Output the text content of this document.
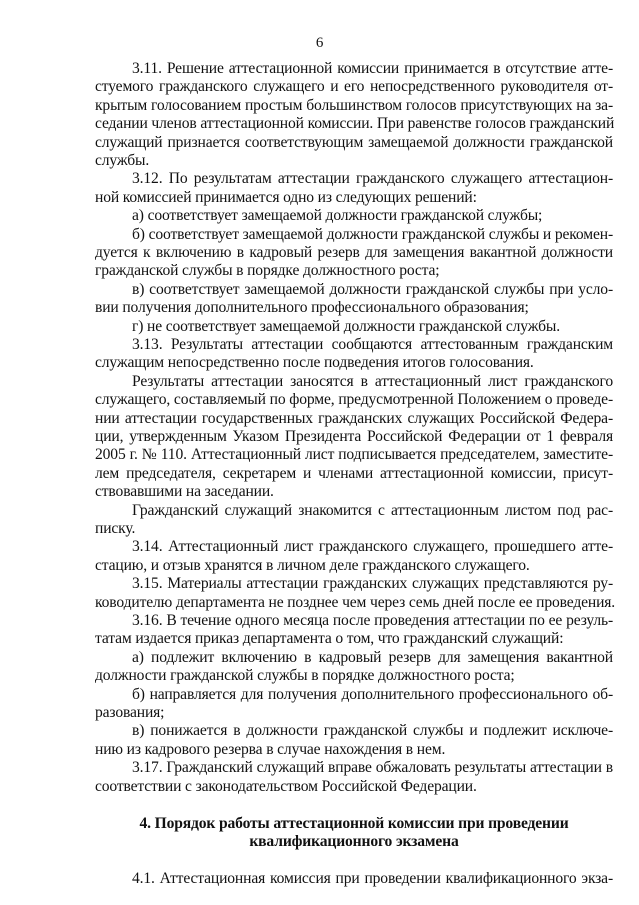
6
3.11. Решение аттестационной комиссии принимается в отсутствие атте-
стуемого гражданского служащего и его непосредственного руководителя от-
крытым голосованием простым большинством голосов присутствующих на за-
седании членов аттестационной комиссии. При равенстве голосов гражданский
служащий признается соответствующим замещаемой должности гражданской
службы.
3.12. По результатам аттестации гражданского служащего аттестацион-
ной комиссией принимается одно из следующих решений:
а) соответствует замещаемой должности гражданской службы;
б) соответствует замещаемой должности гражданской службы и рекомен-
дуется к включению в кадровый резерв для замещения вакантной должности
гражданской службы в порядке должностного роста;
в) соответствует замещаемой должности гражданской службы при усло-
вии получения дополнительного профессионального образования;
г) не соответствует замещаемой должности гражданской службы.
3.13. Результаты аттестации сообщаются аттестованным гражданским
служащим непосредственно после подведения итогов голосования.
Результаты аттестации заносятся в аттестационный лист гражданского
служащего, составляемый по форме, предусмотренной Положением о проведе-
нии аттестации государственных гражданских служащих Российской Федера-
ции, утвержденным Указом Президента Российской Федерации от 1 февраля
2005 г. № 110. Аттестационный лист подписывается председателем, заместите-
лем председателя, секретарем и членами аттестационной комиссии, присут-
ствовавшими на заседании.
Гражданский служащий знакомится с аттестационным листом под рас-
писку.
3.14. Аттестационный лист гражданского служащего, прошедшего атте-
стацию, и отзыв хранятся в личном деле гражданского служащего.
3.15. Материалы аттестации гражданских служащих представляются ру-
ководителю департамента не позднее чем через семь дней после ее проведения.
3.16. В течение одного месяца после проведения аттестации по ее резуль-
татам издается приказ департамента о том, что гражданский служащий:
а) подлежит включению в кадровый резерв для замещения вакантной
должности гражданской службы в порядке должностного роста;
б) направляется для получения дополнительного профессионального об-
разования;
в) понижается в должности гражданской службы и подлежит исключе-
нию из кадрового резерва в случае нахождения в нем.
3.17. Гражданский служащий вправе обжаловать результаты аттестации в
соответствии с законодательством Российской Федерации.
4. Порядок работы аттестационной комиссии при проведении
квалификационного экзамена
4.1. Аттестационная комиссия при проведении квалификационного экза-
